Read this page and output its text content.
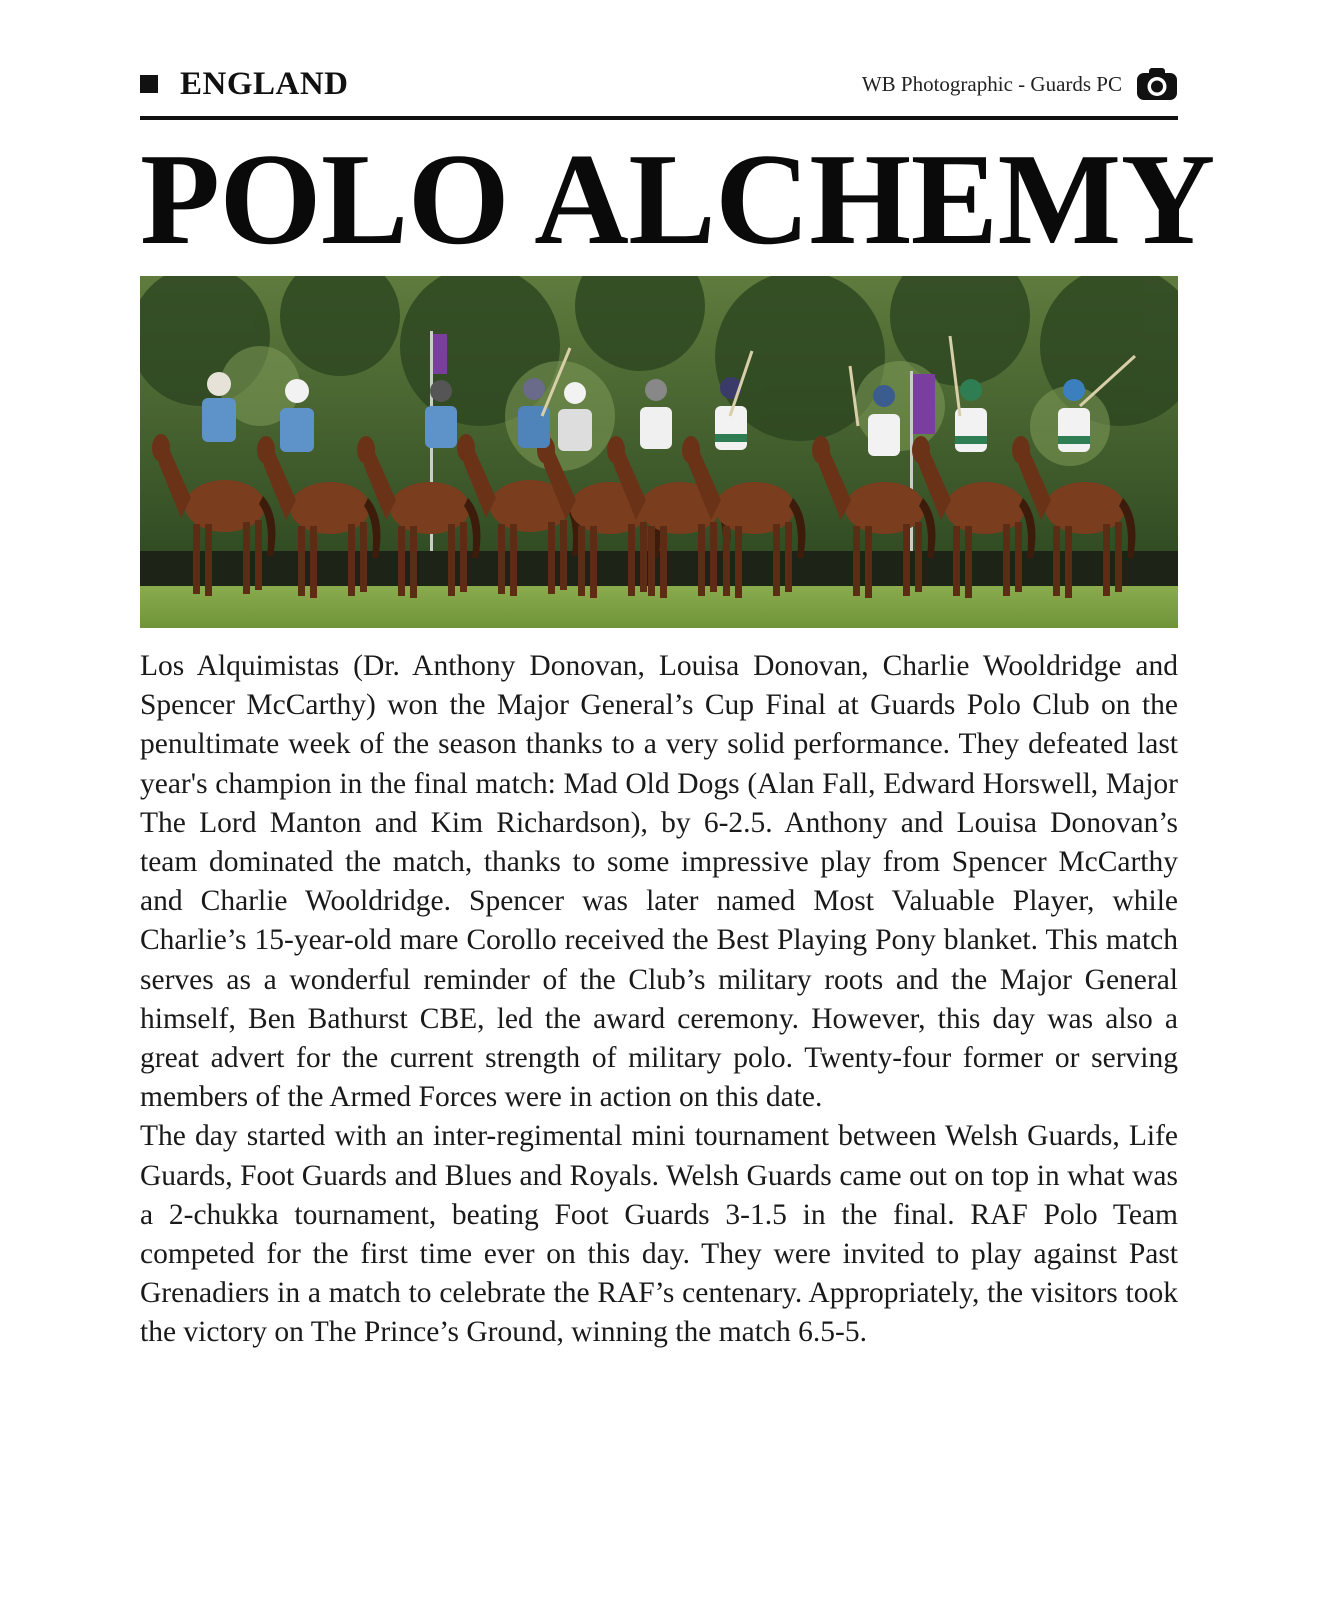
ENGLAND	WB Photographic - Guards PC
POLO ALCHEMY

Los Alquimistas (Dr. Anthony Donovan, Louisa Donovan, Charlie Wooldridge and Spencer McCarthy) won the Major General’s Cup Final at Guards Polo Club on the penultimate week of the season thanks to a very solid performance. They defeated last year's champion in the final match: Mad Old Dogs (Alan Fall, Edward Horswell, Major The Lord Manton and Kim Richardson), by 6-2.5. Anthony and Louisa Donovan’s team dominated the match, thanks to some impressive play from Spencer McCarthy and Charlie Wooldridge. Spencer was later named Most Valuable Player, while Charlie’s 15-year-old mare Corollo received the Best Playing Pony blanket. This match serves as a wonderful reminder of the Club’s military roots and the Major General himself, Ben Bathurst CBE, led the award ceremony. However, this day was also a great advert for the current strength of military polo. Twenty-four former or serving members of the Armed Forces were in action on this date.

The day started with an inter-regimental mini tournament between Welsh Guards, Life Guards, Foot Guards and Blues and Royals. Welsh Guards came out on top in what was a 2-chukka tournament, beating Foot Guards 3-1.5 in the final. RAF Polo Team competed for the first time ever on this day. They were invited to play against Past Grenadiers in a match to celebrate the RAF’s centenary. Appropriately, the visitors took the victory on The Prince’s Ground, winning the match 6.5-5.
